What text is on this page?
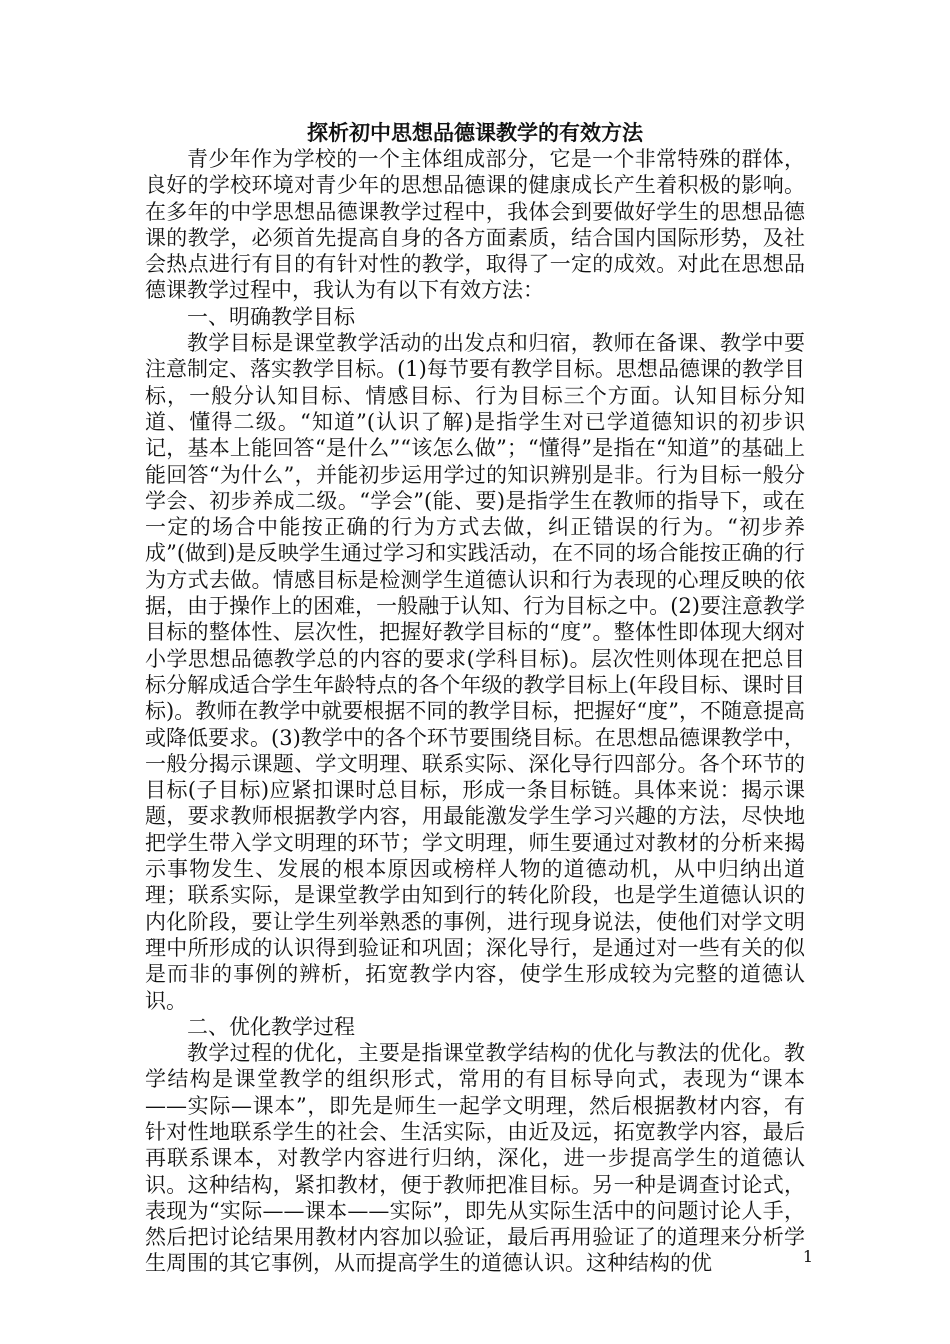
探析初中思想品德课教学的有效方法

青少年作为学校的一个主体组成部分，它是一个非常特殊的群体，良好的学校环境对青少年的思想品德课的健康成长产生着积极的影响。在多年的中学思想品德课教学过程中，我体会到要做好学生的思想品德课的教学，必须首先提高自身的各方面素质，结合国内国际形势，及社会热点进行有目的有针对性的教学，取得了一定的成效。对此在思想品德课教学过程中，我认为有以下有效方法：

一、明确教学目标

教学目标是课堂教学活动的出发点和归宿，教师在备课、教学中要注意制定、落实教学目标。(1)每节要有教学目标。思想品德课的教学目标，一般分认知目标、情感目标、行为目标三个方面。认知目标分知道、懂得二级。“知道”(认识了解)是指学生对已学道德知识的初步识记，基本上能回答“是什么”“该怎么做”；“懂得”是指在“知道”的基础上能回答“为什么”，并能初步运用学过的知识辨别是非。行为目标一般分学会、初步养成二级。“学会”(能、要)是指学生在教师的指导下，或在一定的场合中能按正确的行为方式去做，纠正错误的行为。“初步养成”(做到)是反映学生通过学习和实践活动，在不同的场合能按正确的行为方式去做。情感目标是检测学生道德认识和行为表现的心理反映的依据，由于操作上的困难，一般融于认知、行为目标之中。(2)要注意教学目标的整体性、层次性，把握好教学目标的“度”。整体性即体现大纲对小学思想品德教学总的内容的要求(学科目标)。层次性则体现在把总目标分解成适合学生年龄特点的各个年级的教学目标上(年段目标、课时目标)。教师在教学中就要根据不同的教学目标，把握好“度”，不随意提高或降低要求。(3)教学中的各个环节要围绕目标。在思想品德课教学中，一般分揭示课题、学文明理、联系实际、深化导行四部分。各个环节的目标(子目标)应紧扣课时总目标，形成一条目标链。具体来说：揭示课题，要求教师根据教学内容，用最能激发学生学习兴趣的方法，尽快地把学生带入学文明理的环节；学文明理，师生要通过对教材的分析来揭示事物发生、发展的根本原因或榜样人物的道德动机，从中归纳出道理；联系实际，是课堂教学由知到行的转化阶段，也是学生道德认识的内化阶段，要让学生列举熟悉的事例，进行现身说法，使他们对学文明理中所形成的认识得到验证和巩固；深化导行，是通过对一些有关的似是而非的事例的辨析，拓宽教学内容，使学生形成较为完整的道德认识。

二、优化教学过程

教学过程的优化，主要是指课堂教学结构的优化与教法的优化。教学结构是课堂教学的组织形式，常用的有目标导向式，表现为“课本——实际—课本”，即先是师生一起学文明理，然后根据教材内容，有针对性地联系学生的社会、生活实际，由近及远，拓宽教学内容，最后再联系课本，对教学内容进行归纳，深化，进一步提高学生的道德认识。这种结构，紧扣教材，便于教师把准目标。另一种是调查讨论式，表现为“实际——课本——实际”，即先从实际生活中的问题讨论人手，然后把讨论结果用教材内容加以验证，最后再用验证了的道理来分析学生周围的其它事例，从而提高学生的道德认识。这种结构的优	1
